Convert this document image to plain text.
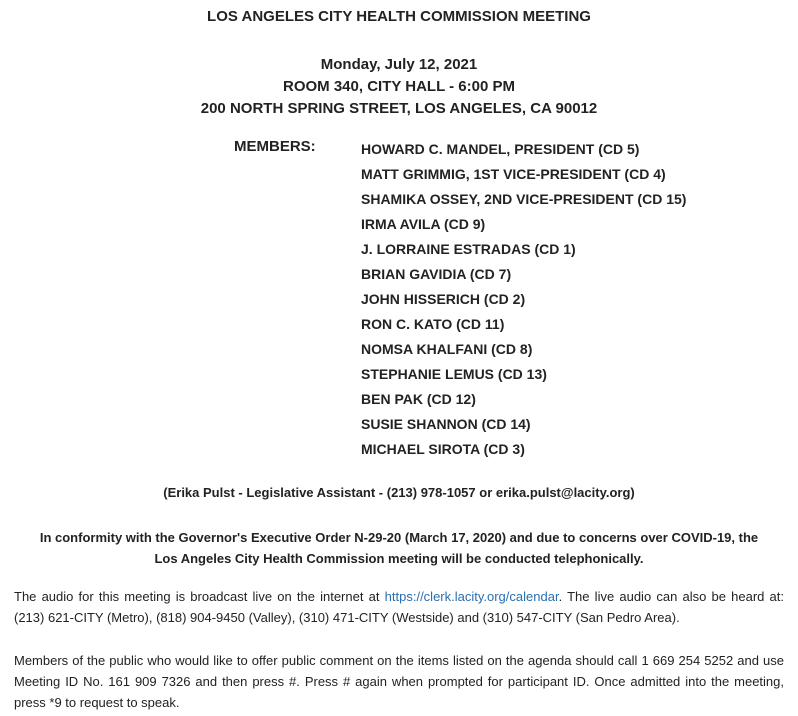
LOS ANGELES CITY HEALTH COMMISSION MEETING
Monday, July 12, 2021
ROOM 340, CITY HALL - 6:00 PM
200 NORTH SPRING STREET, LOS ANGELES, CA 90012
MEMBERS:	HOWARD C. MANDEL, PRESIDENT (CD 5)
MATT GRIMMIG, 1ST VICE-PRESIDENT (CD 4)
SHAMIKA OSSEY, 2ND VICE-PRESIDENT (CD 15)
IRMA AVILA (CD 9)
J. LORRAINE ESTRADAS (CD 1)
BRIAN GAVIDIA (CD 7)
JOHN HISSERICH (CD 2)
RON C. KATO (CD 11)
NOMSA KHALFANI (CD 8)
STEPHANIE LEMUS (CD 13)
BEN PAK (CD 12)
SUSIE SHANNON (CD 14)
MICHAEL SIROTA (CD 3)
(Erika Pulst - Legislative Assistant - (213) 978-1057 or erika.pulst@lacity.org)
In conformity with the Governor's Executive Order N-29-20 (March 17, 2020) and due to concerns over COVID-19, the
Los Angeles City Health Commission meeting will be conducted telephonically.
The audio for this meeting is broadcast live on the internet at https://clerk.lacity.org/calendar. The live audio can also be heard at: (213) 621-CITY (Metro), (818) 904-9450 (Valley), (310) 471-CITY (Westside) and (310) 547-CITY (San Pedro Area).
Members of the public who would like to offer public comment on the items listed on the agenda should call 1 669 254 5252 and use Meeting ID No. 161 909 7326 and then press #. Press # again when prompted for participant ID. Once admitted into the meeting, press *9 to request to speak.
